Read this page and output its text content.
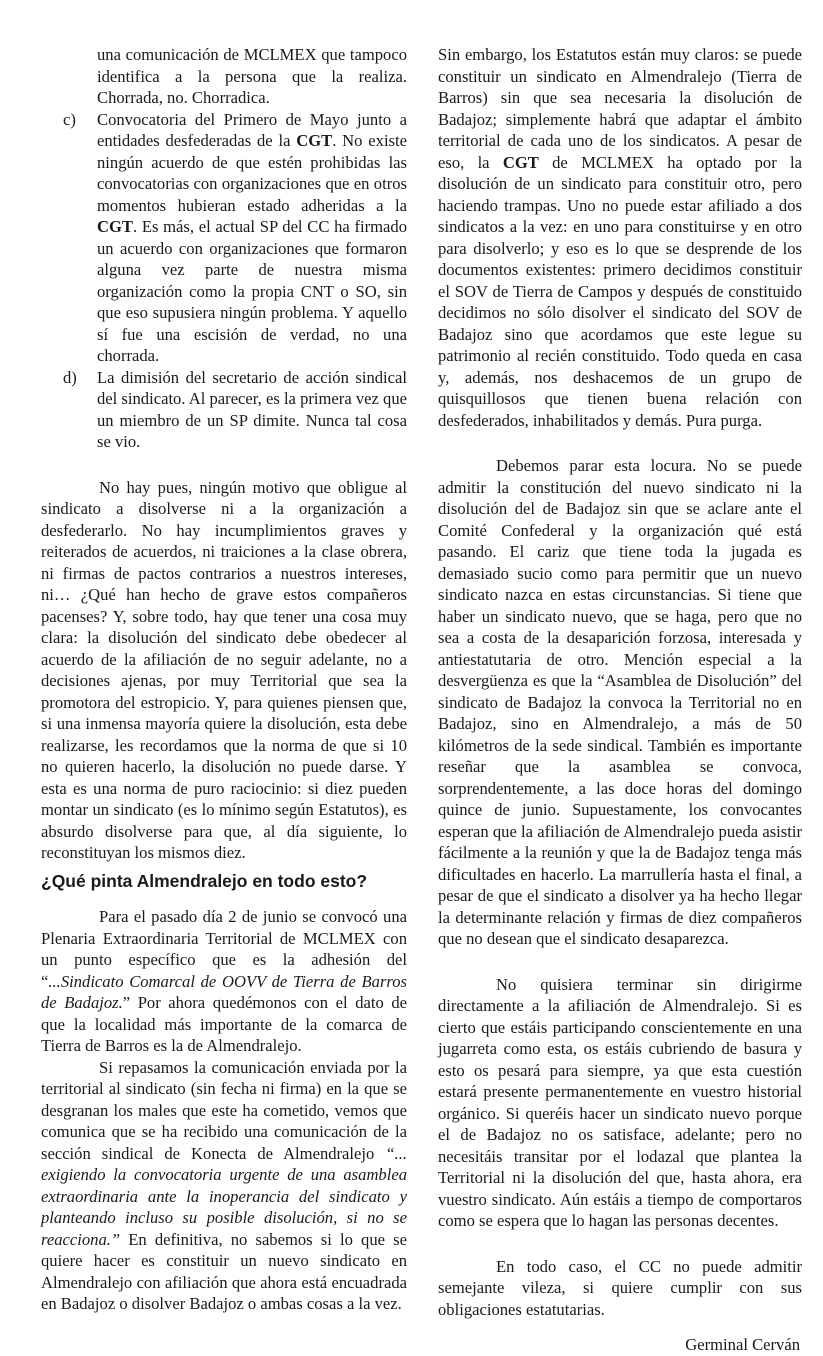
una comunicación de MCLMEX que tampoco identifica a la persona que la realiza. Chorrada, no. Chorradica.

c) Convocatoria del Primero de Mayo junto a entidades desfederadas de la CGT. No existe ningún acuerdo de que estén prohibidas las convocatorias con organizaciones que en otros momentos hubieran estado adheridas a la CGT. Es más, el actual SP del CC ha firmado un acuerdo con organizaciones que formaron alguna vez parte de nuestra misma organización como la propia CNT o SO, sin que eso supusiera ningún problema. Y aquello sí fue una escisión de verdad, no una chorrada.

d) La dimisión del secretario de acción sindical del sindicato. Al parecer, es la primera vez que un miembro de un SP dimite. Nunca tal cosa se vio.

No hay pues, ningún motivo que obligue al sindicato a disolverse ni a la organización a desfederarlo. No hay incumplimientos graves y reiterados de acuerdos, ni traiciones a la clase obrera, ni firmas de pactos contrarios a nuestros intereses, ni… ¿Qué han hecho de grave estos compañeros pacenses? Y, sobre todo, hay que tener una cosa muy clara: la disolución del sindicato debe obedecer al acuerdo de la afiliación de no seguir adelante, no a decisiones ajenas, por muy Territorial que sea la promotora del estropicio. Y, para quienes piensen que, si una inmensa mayoría quiere la disolución, esta debe realizarse, les recordamos que la norma de que si 10 no quieren hacerlo, la disolución no puede darse. Y esta es una norma de puro raciocinio: si diez pueden montar un sindicato (es lo mínimo según Estatutos), es absurdo disolverse para que, al día siguiente, lo reconstituyan los mismos diez.

¿Qué pinta Almendralejo en todo esto?

Para el pasado día 2 de junio se convocó una Plenaria Extraordinaria Territorial de MCLMEX con un punto específico que es la adhesión del “...Sindicato Comarcal de OOVV de Tierra de Barros de Badajoz.” Por ahora quedémonos con el dato de que la localidad más importante de la comarca de Tierra de Barros es la de Almendralejo.

Si repasamos la comunicación enviada por la territorial al sindicato (sin fecha ni firma) en la que se desgranan los males que este ha cometido, vemos que comunica que se ha recibido una comunicación de la sección sindical de Konecta de Almendralejo “... exigiendo la convocatoria urgente de una asamblea extraordinaria ante la inoperancia del sindicato y planteando incluso su posible disolución, si no se reacciona.” En definitiva, no sabemos si lo que se quiere hacer es constituir un nuevo sindicato en Almendralejo con afiliación que ahora está encuadrada en Badajoz o disolver Badajoz o ambas cosas a la vez.

Sin embargo, los Estatutos están muy claros: se puede constituir un sindicato en Almendralejo (Tierra de Barros) sin que sea necesaria la disolución de Badajoz; simplemente habrá que adaptar el ámbito territorial de cada uno de los sindicatos. A pesar de eso, la CGT de MCLMEX ha optado por la disolución de un sindicato para constituir otro, pero haciendo trampas. Uno no puede estar afiliado a dos sindicatos a la vez: en uno para constituirse y en otro para disolverlo; y eso es lo que se desprende de los documentos existentes: primero decidimos constituir el SOV de Tierra de Campos y después de constituido decidimos no sólo disolver el sindicato del SOV de Badajoz sino que acordamos que este legue su patrimonio al recién constituido. Todo queda en casa y, además, nos deshacemos de un grupo de quisquillosos que tienen buena relación con desfederados, inhabilitados y demás. Pura purga.

Debemos parar esta locura. No se puede admitir la constitución del nuevo sindicato ni la disolución del de Badajoz sin que se aclare ante el Comité Confederal y la organización qué está pasando. El cariz que tiene toda la jugada es demasiado sucio como para permitir que un nuevo sindicato nazca en estas circunstancias. Si tiene que haber un sindicato nuevo, que se haga, pero que no sea a costa de la desaparición forzosa, interesada y antiestatutaria de otro. Mención especial a la desvergüenza es que la “Asamblea de Disolución” del sindicato de Badajoz la convoca la Territorial no en Badajoz, sino en Almendralejo, a más de 50 kilómetros de la sede sindical. También es importante reseñar que la asamblea se convoca, sorprendentemente, a las doce horas del domingo quince de junio. Supuestamente, los convocantes esperan que la afiliación de Almendralejo pueda asistir fácilmente a la reunión y que la de Badajoz tenga más dificultades en hacerlo. La marrullería hasta el final, a pesar de que el sindicato a disolver ya ha hecho llegar la determinante relación y firmas de diez compañeros que no desean que el sindicato desaparezca.

No quisiera terminar sin dirigirme directamente a la afiliación de Almendralejo. Si es cierto que estáis participando conscientemente en una jugarreta como esta, os estáis cubriendo de basura y esto os pesará para siempre, ya que esta cuestión estará presente permanentemente en vuestro historial orgánico. Si queréis hacer un sindicato nuevo porque el de Badajoz no os satisface, adelante; pero no necesitáis transitar por el lodazal que plantea la Territorial ni la disolución del que, hasta ahora, era vuestro sindicato. Aún estáis a tiempo de comportaros como se espera que lo hagan las personas decentes.

En todo caso, el CC no puede admitir semejante vileza, si quiere cumplir con sus obligaciones estatutarias.

Germinal Cerván
